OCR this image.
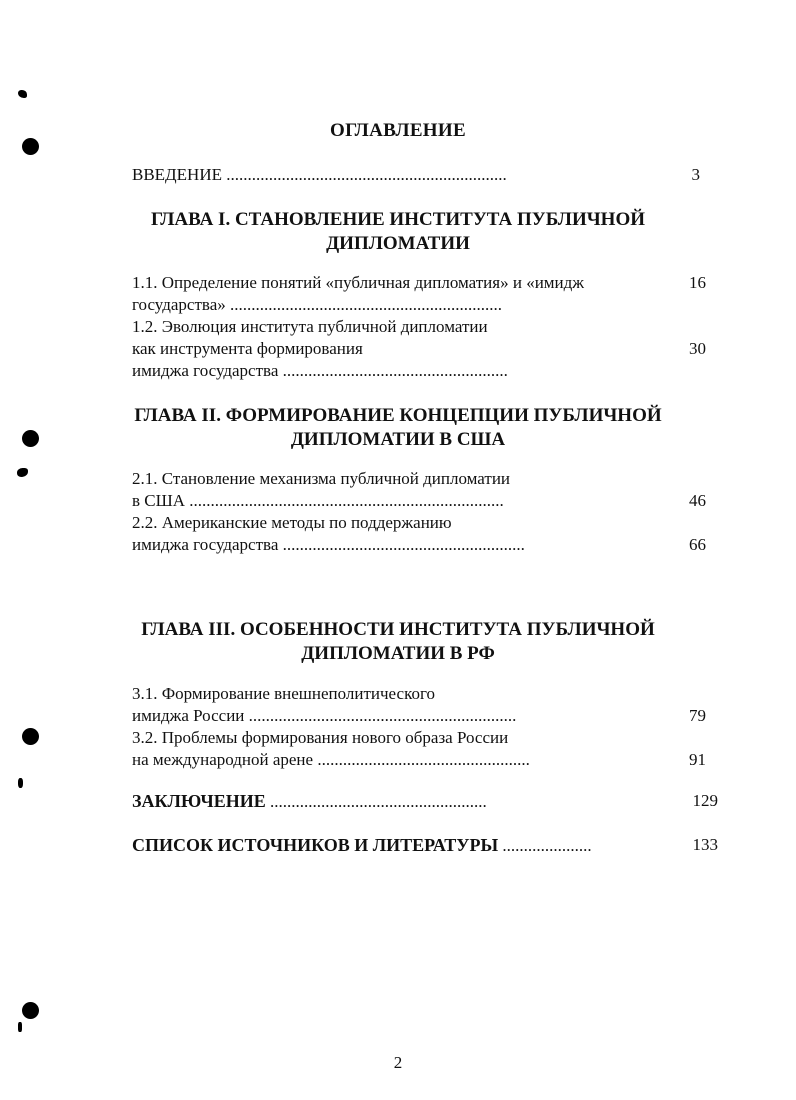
ОГЛАВЛЕНИЕ
ВВЕДЕНИЕ ..................................................................	3
ГЛАВА I. СТАНОВЛЕНИЕ ИНСТИТУТА ПУБЛИЧНОЙ
ДИПЛОМАТИИ
1.1. Определение понятий «публичная дипломатия» и «имидж	16
государства» ................................................................
1.2. Эволюция института публичной дипломатии
как инструмента формирования	30
имиджа государства .....................................................
ГЛАВА II. ФОРМИРОВАНИЕ КОНЦЕПЦИИ ПУБЛИЧНОЙ
ДИПЛОМАТИИ В США
2.1. Становление механизма публичной дипломатии
в США ..........................................................................	46
2.2. Американские методы по поддержанию
имиджа государства .........................................................	66
ГЛАВА III. ОСОБЕННОСТИ ИНСТИТУТА ПУБЛИЧНОЙ
ДИПЛОМАТИИ В РФ
3.1. Формирование внешнеполитического
имиджа России ...............................................................	79
3.2. Проблемы формирования нового образа России
на международной арене ..................................................	91
ЗАКЛЮЧЕНИЕ ...................................................	129
СПИСОК ИСТОЧНИКОВ И ЛИТЕРАТУРЫ .....................	133
2
